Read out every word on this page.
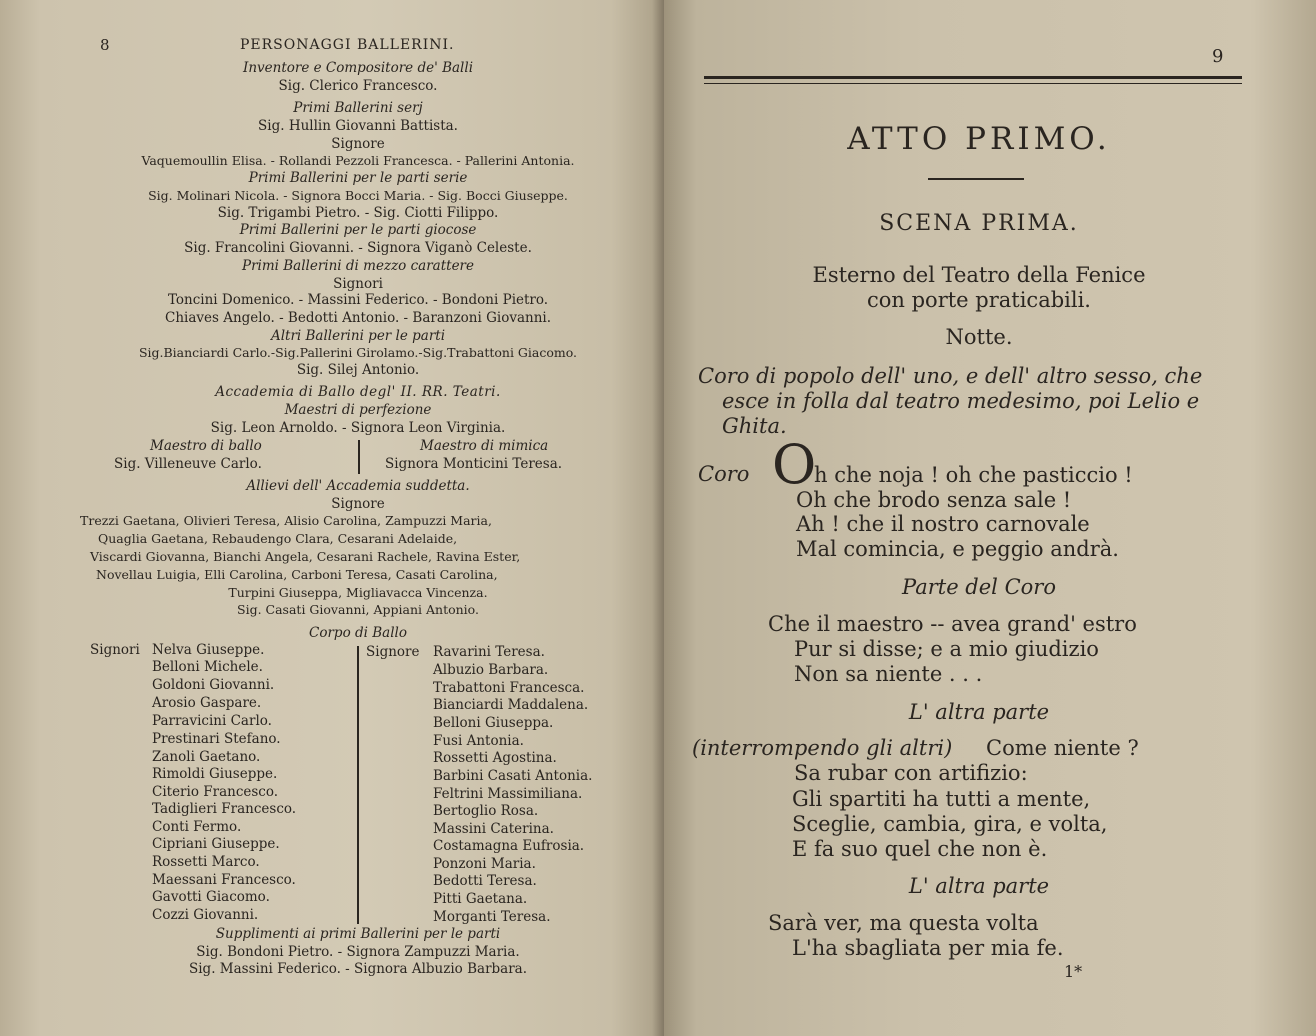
8	PERSONAGGI BALLERINI.
Inventore e Compositore de' Balli
Sig. Clerico Francesco.
Primi Ballerini serj
Sig. Hullin Giovanni Battista.
Signore
Vaquemoullin Elisa. - Rollandi Pezzoli Francesca. - Pallerini Antonia.
Primi Ballerini per le parti serie
Sig. Molinari Nicola. - Signora Bocci Maria. - Sig. Bocci Giuseppe.
Sig. Trigambi Pietro. - Sig. Ciotti Filippo.
Primi Ballerini per le parti giocose
Sig. Francolini Giovanni. - Signora Viganò Celeste.
Primi Ballerini di mezzo carattere
Signori
Toncini Domenico. - Massini Federico. - Bondoni Pietro.
Chiaves Angelo. - Bedotti Antonio. - Baranzoni Giovanni.
Altri Ballerini per le parti
Sig.Bianciardi Carlo.-Sig.Pallerini Girolamo.-Sig.Trabattoni Giacomo.
Sig. Silej Antonio.
Accademia di Ballo degl' II. RR. Teatri.
Maestri di perfezione
Sig. Leon Arnoldo. - Signora Leon Virginia.
Maestro di ballo	Maestro di mimica
Sig. Villeneuve Carlo.	Signora Monticini Teresa.
Allievi dell' Accademia suddetta.
Signore
Trezzi Gaetana, Olivieri Teresa, Alisio Carolina, Zampuzzi Maria,
Quaglia Gaetana, Rebaudengo Clara, Cesarani Adelaide,
Viscardi Giovanna, Bianchi Angela, Cesarani Rachele, Ravina Ester,
Novellau Luigia, Elli Carolina, Carboni Teresa, Casati Carolina,
Turpini Giuseppa, Migliavacca Vincenza.
Sig. Casati Giovanni, Appiani Antonio.
Corpo di Ballo
Signori Nelva Giuseppe.
Belloni Michele.
Goldoni Giovanni.
Arosio Gaspare.
Parravicini Carlo.
Prestinari Stefano.
Zanoli Gaetano.
Rimoldi Giuseppe.
Citerio Francesco.
Tadiglieri Francesco.
Conti Fermo.
Cipriani Giuseppe.
Rossetti Marco.
Maessani Francesco.
Gavotti Giacomo.
Cozzi Giovanni.
Signore Ravarini Teresa.
Albuzio Barbara.
Trabattoni Francesca.
Bianciardi Maddalena.
Belloni Giuseppa.
Fusi Antonia.
Rossetti Agostina.
Barbini Casati Antonia.
Feltrini Massimiliana.
Bertoglio Rosa.
Massini Caterina.
Costamagna Eufrosia.
Ponzoni Maria.
Bedotti Teresa.
Pitti Gaetana.
Morganti Teresa.
Supplimenti ai primi Ballerini per le parti
Sig. Bondoni Pietro. - Signora Zampuzzi Maria.
Sig. Massini Federico. - Signora Albuzio Barbara.
9
ATTO PRIMO.
SCENA PRIMA.
Esterno del Teatro della Fenice
con porte praticabili.
Notte.
Coro di popolo dell' uno, e dell' altro sesso, che
esce in folla dal teatro medesimo, poi Lelio e
Ghita.
Coro O
h che noja ! oh che pasticcio !
Oh che brodo senza sale !
Ah ! che il nostro carnovale
Mal comincia, e peggio andrà.
Parte del Coro
Che il maestro -- avea grand' estro
Pur si disse; e a mio giudizio
Non sa niente . . .
L' altra parte
(interrompendo gli altri) Come niente ?
Sa rubar con artifizio:
Gli spartiti ha tutti a mente,
Sceglie, cambia, gira, e volta,
E fa suo quel che non è.
L' altra parte
Sarà ver, ma questa volta
L'ha sbagliata per mia fe.
1*
